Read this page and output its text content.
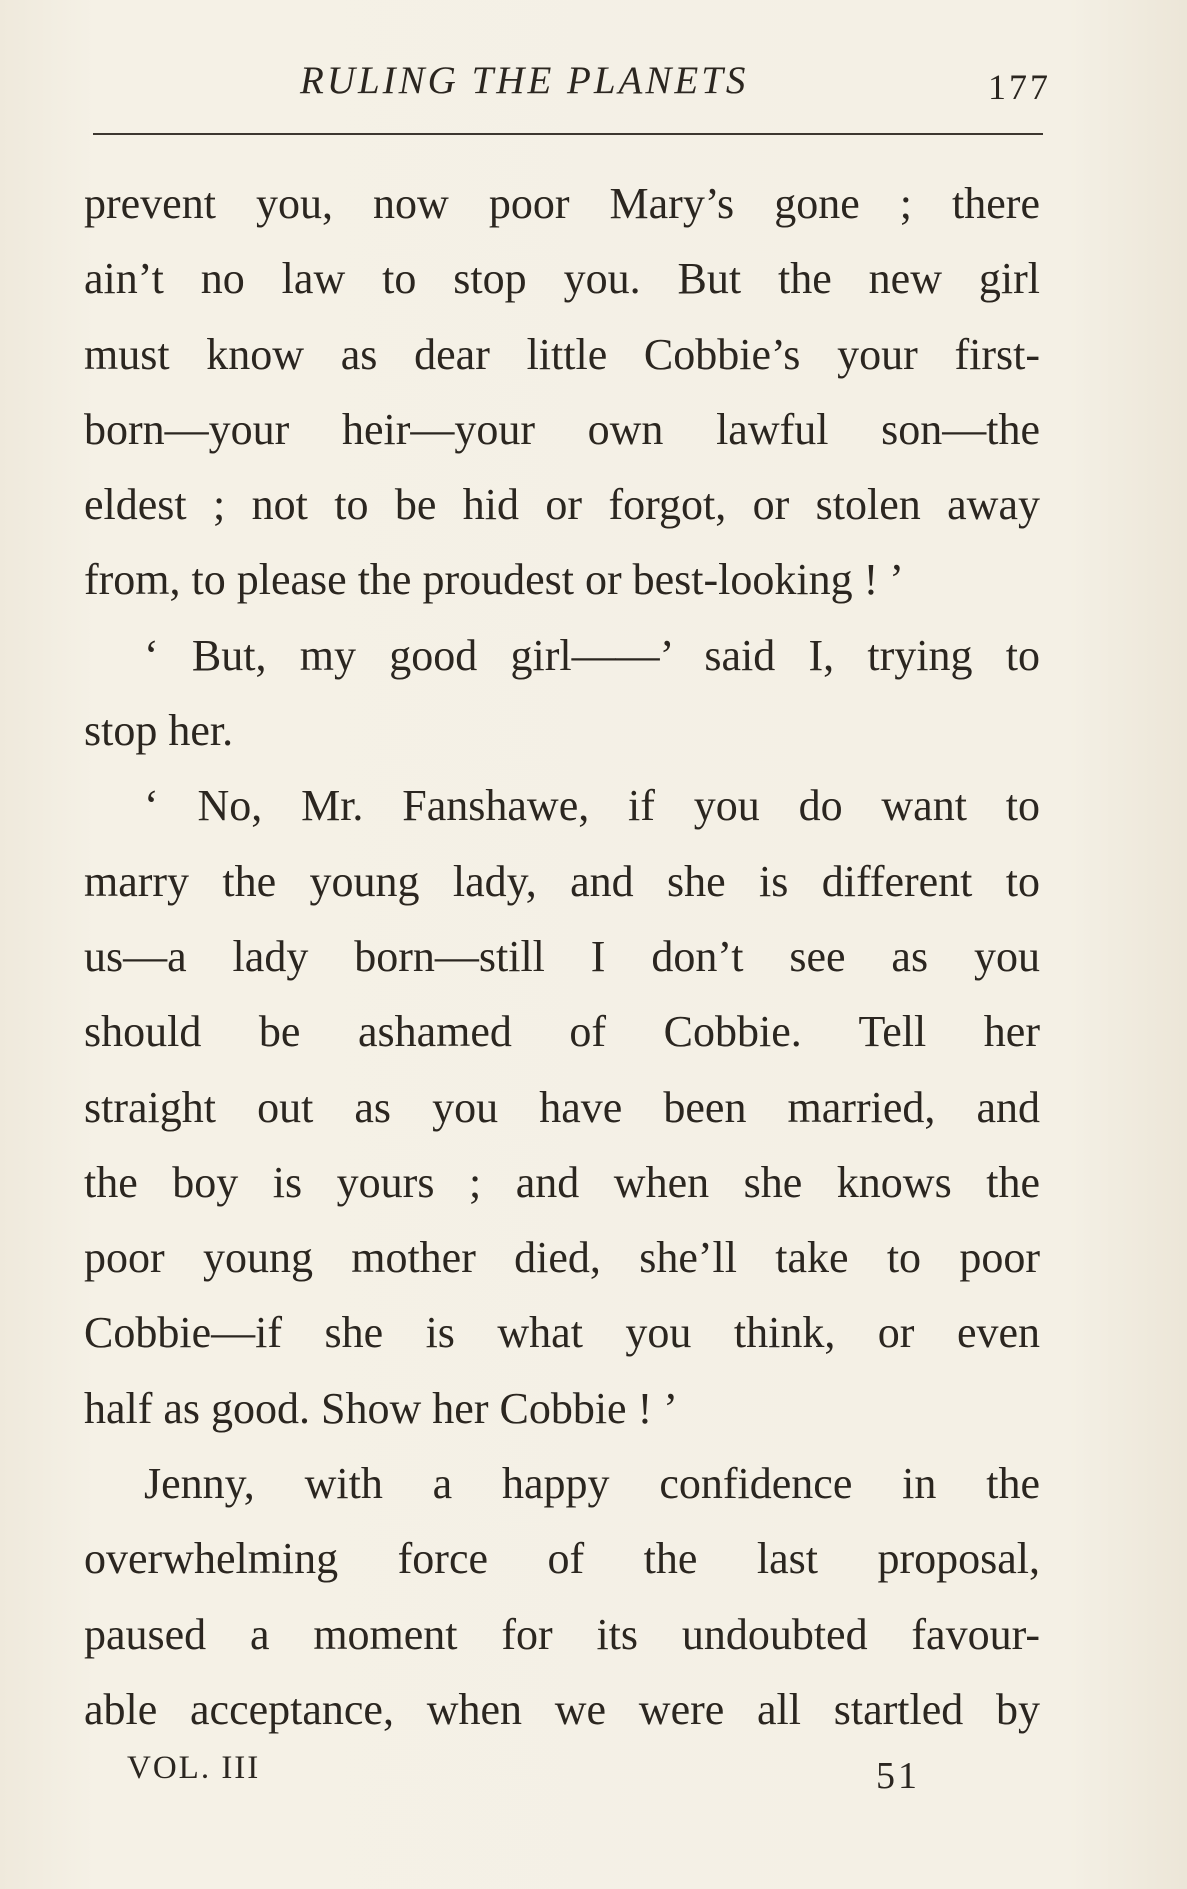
RULING THE PLANETS	177
prevent you, now poor Mary’s gone ; there
ain’t no law to stop you. But the new girl
must know as dear little Cobbie’s your first-
born—your heir—your own lawful son—the
eldest ; not to be hid or forgot, or stolen away
from, to please the proudest or best-looking ! ’
‘ But, my good girl——’ said I, trying to
stop her.
‘ No, Mr. Fanshawe, if you do want to
marry the young lady, and she is different to
us—a lady born—still I don’t see as you
should be ashamed of Cobbie. Tell her
straight out as you have been married, and
the boy is yours ; and when she knows the
poor young mother died, she’ll take to poor
Cobbie—if she is what you think, or even
half as good. Show her Cobbie ! ’
Jenny, with a happy confidence in the
overwhelming force of the last proposal,
paused a moment for its undoubted favour-
able acceptance, when we were all startled by
VOL. III	51
